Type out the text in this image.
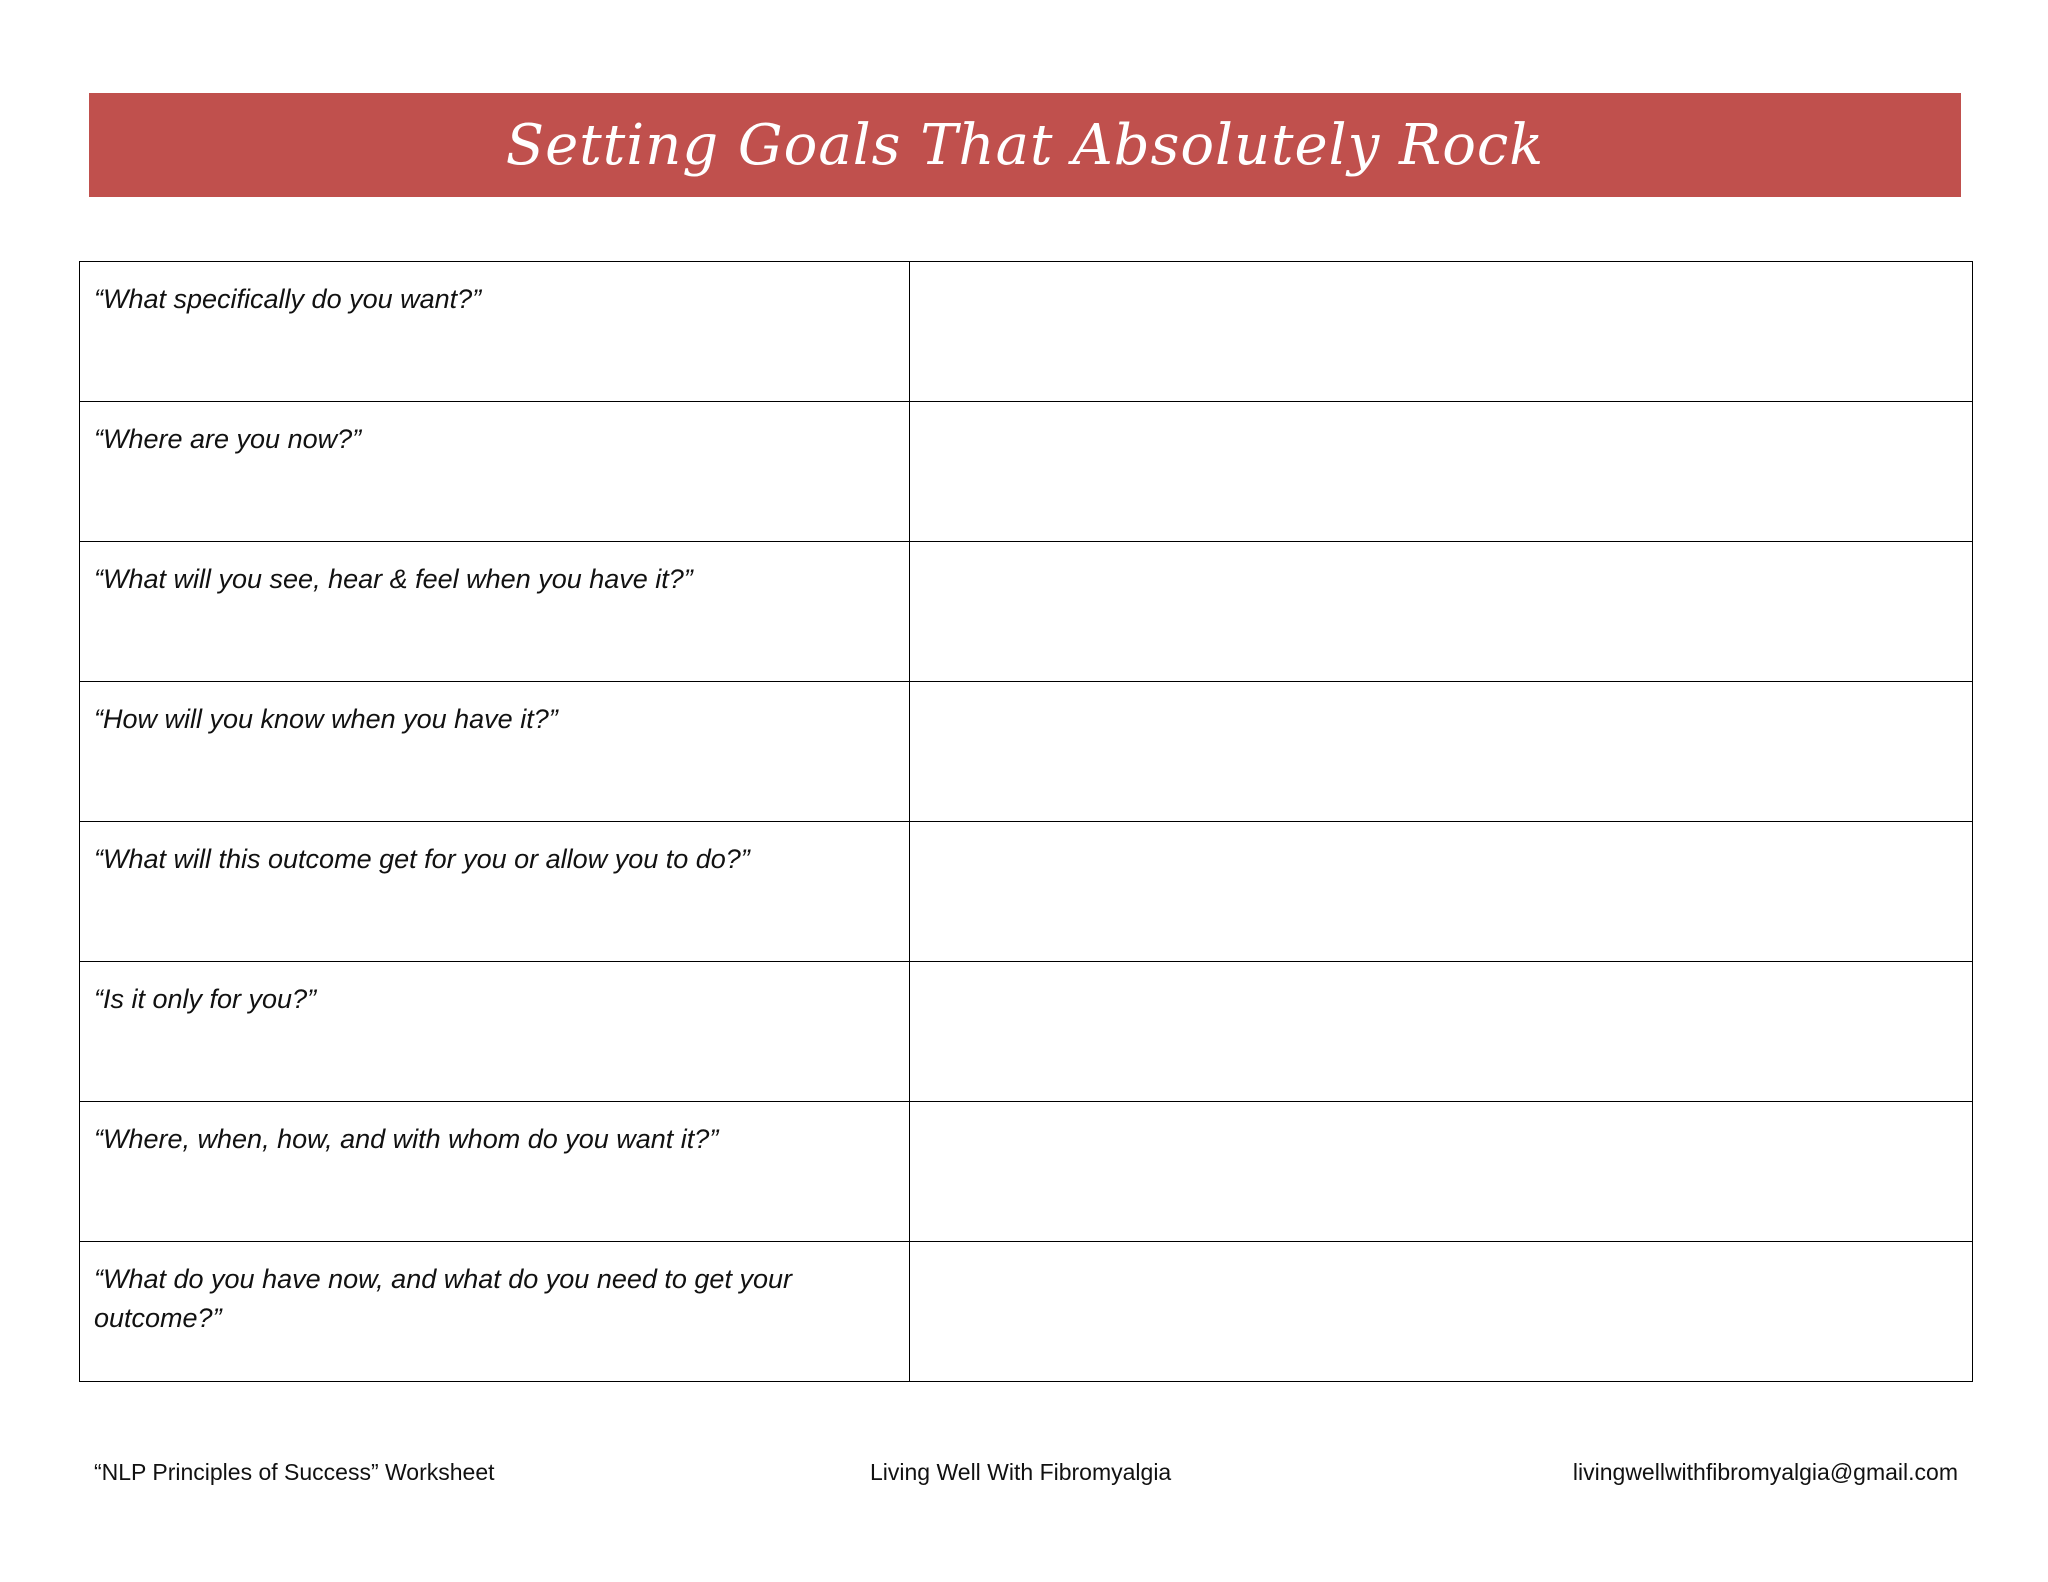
Setting Goals That Absolutely Rock
“What specifically do you want?”	

“Where are you now?”	

“What will you see, hear & feel when you have it?”	

“How will you know when you have it?”	

“What will this outcome get for you or allow you to do?”	

“Is it only for you?”	

“Where, when, how, and with whom do you want it?”	

“What do you have now, and what do you need to get your outcome?”	

“NLP Principles of Success” Worksheet	Living Well With Fibromyalgia	livingwellwithfibromyalgia@gmail.com
